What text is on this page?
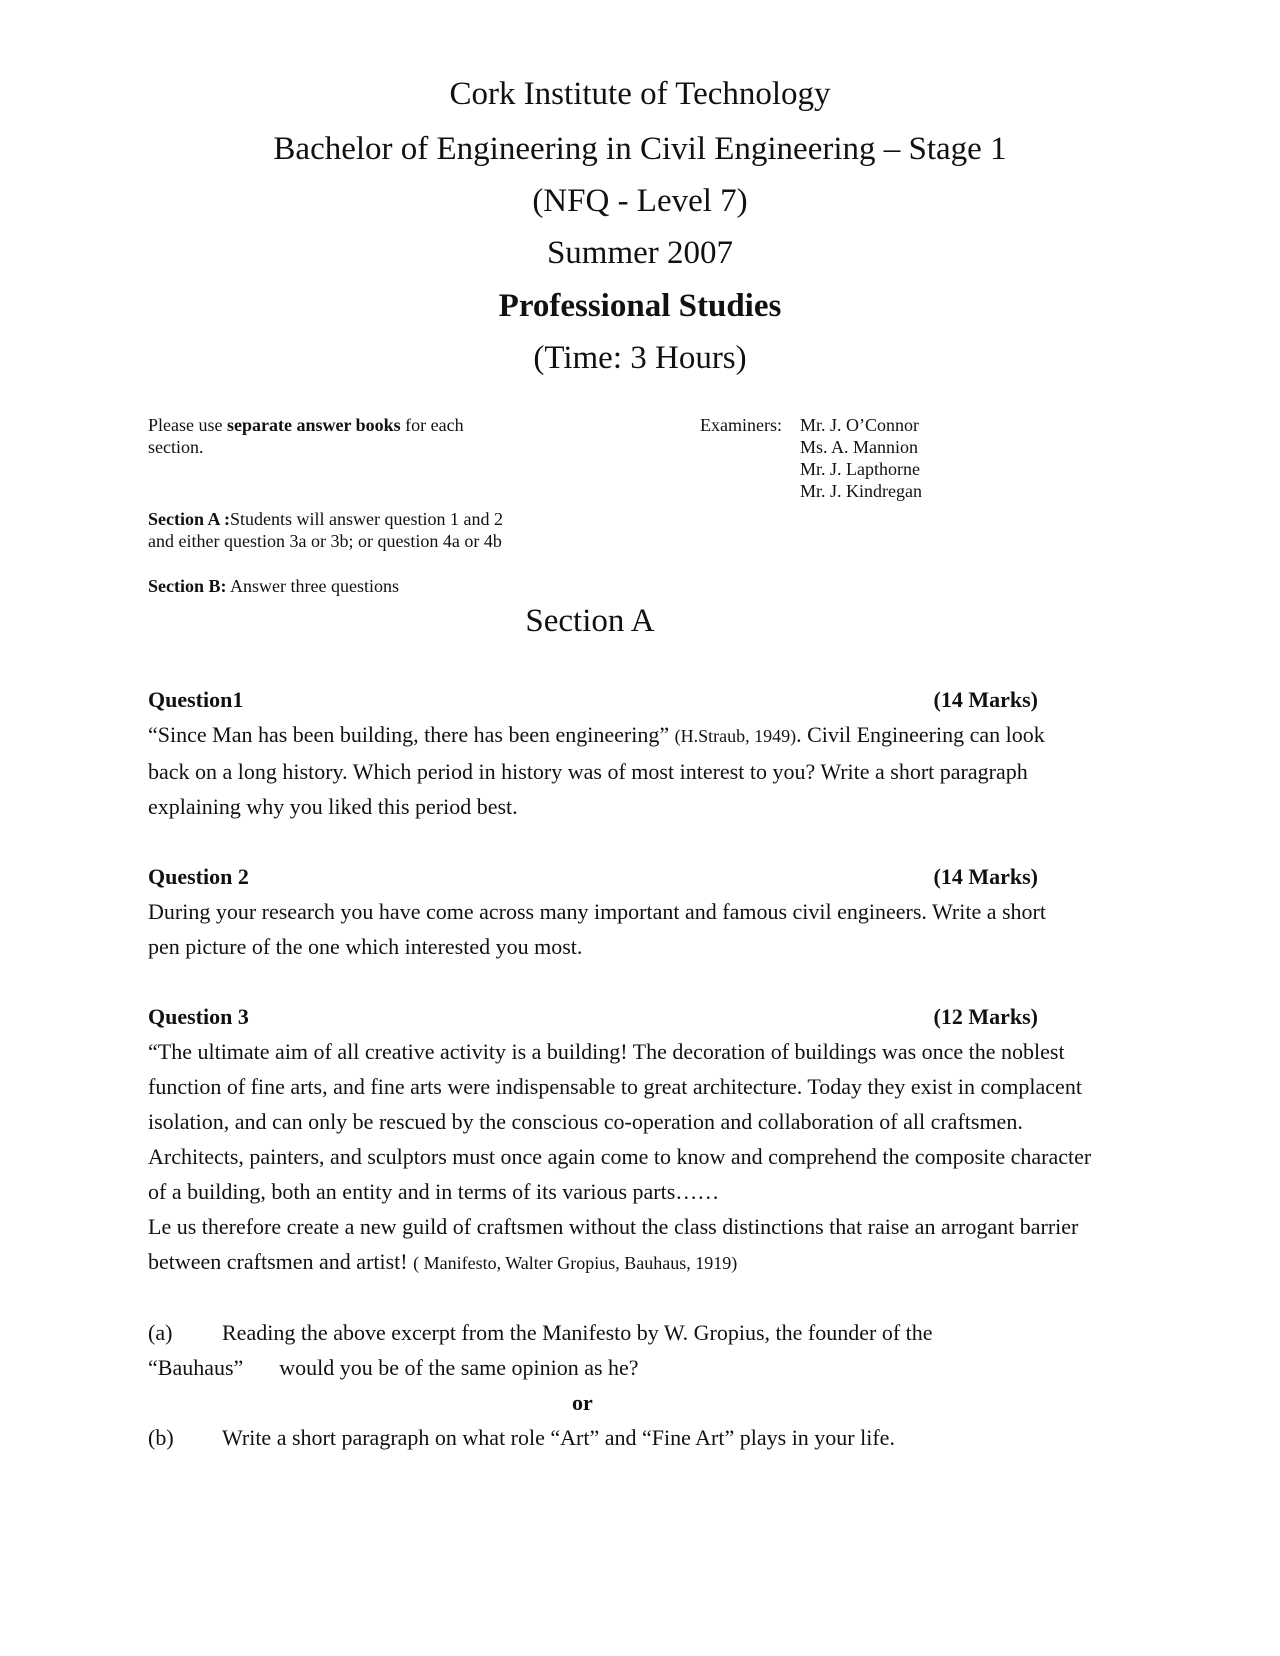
Cork Institute of Technology
Bachelor of Engineering in Civil Engineering – Stage 1
(NFQ - Level 7)
Summer 2007
Professional Studies
(Time: 3 Hours)
Please use separate answer books for each
section.
Examiners: Mr. J. O’Connor
Ms. A. Mannion
Mr. J. Lapthorne
Mr. J. Kindregan
Section A :Students will answer question 1 and 2
and either question 3a or 3b; or question 4a or 4b
Section B: Answer three questions
Section A
Question1	(14 Marks)
“Since Man has been building, there has been engineering” (H.Straub, 1949). Civil Engineering can look back on a long history. Which period in history was of most interest to you? Write a short paragraph explaining why you liked this period best.
Question 2	(14 Marks)
During your research you have come across many important and famous civil engineers. Write a short pen picture of the one which interested you most.
Question 3	(12 Marks)
“The ultimate aim of all creative activity is a building! The decoration of buildings was once the noblest function of fine arts, and fine arts were indispensable to great architecture. Today they exist in complacent isolation, and can only be rescued by the conscious co-operation and collaboration of all craftsmen. Architects, painters, and sculptors must once again come to know and comprehend the composite character of a building, both an entity and in terms of its various parts……
Le us therefore create a new guild of craftsmen without the class distinctions that raise an arrogant barrier between craftsmen and artist! ( Manifesto, Walter Gropius, Bauhaus, 1919)
(a) Reading the above excerpt from the Manifesto by W. Gropius, the founder of the
“Bauhaus” would you be of the same opinion as he?
or
(b) Write a short paragraph on what role “Art” and “Fine Art” plays in your life.
